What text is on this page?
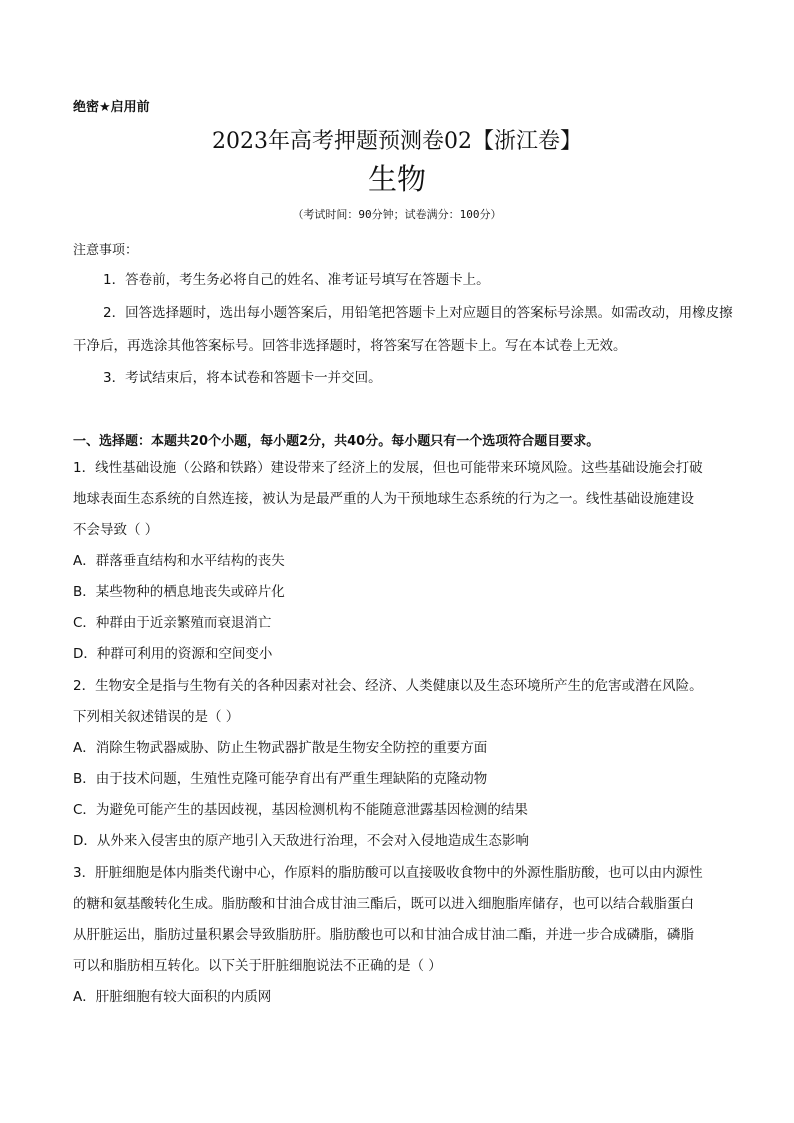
绝密★启用前
2023年高考押题预测卷02【浙江卷】
生物
（考试时间：90分钟；试卷满分：100分）
注意事项：
1．答卷前，考生务必将自己的姓名、准考证号填写在答题卡上。
2．回答选择题时，选出每小题答案后，用铅笔把答题卡上对应题目的答案标号涂黑。如需改动，用橡皮擦干净后，再选涂其他答案标号。回答非选择题时，将答案写在答题卡上。写在本试卷上无效。
3．考试结束后，将本试卷和答题卡一并交回。
一、选择题：本题共20个小题，每小题2分，共40分。每小题只有一个选项符合题目要求。
1．线性基础设施（公路和铁路）建设带来了经济上的发展，但也可能带来环境风险。这些基础设施会打破
地球表面生态系统的自然连接，被认为是最严重的人为干预地球生态系统的行为之一。线性基础设施建设
不会导致（ ）
A．群落垂直结构和水平结构的丧失
B．某些物种的栖息地丧失或碎片化
C．种群由于近亲繁殖而衰退消亡
D．种群可利用的资源和空间变小
2．生物安全是指与生物有关的各种因素对社会、经济、人类健康以及生态环境所产生的危害或潜在风险。
下列相关叙述错误的是（ ）
A．消除生物武器威胁、防止生物武器扩散是生物安全防控的重要方面
B．由于技术问题，生殖性克隆可能孕育出有严重生理缺陷的克隆动物
C．为避免可能产生的基因歧视，基因检测机构不能随意泄露基因检测的结果
D．从外来入侵害虫的原产地引入天敌进行治理，不会对入侵地造成生态影响
3．肝脏细胞是体内脂类代谢中心，作原料的脂肪酸可以直接吸收食物中的外源性脂肪酸，也可以由内源性
的糖和氨基酸转化生成。脂肪酸和甘油合成甘油三酯后，既可以进入细胞脂库储存，也可以结合载脂蛋白
从肝脏运出，脂肪过量积累会导致脂肪肝。脂肪酸也可以和甘油合成甘油二酯，并进一步合成磷脂，磷脂
可以和脂肪相互转化。以下关于肝脏细胞说法不正确的是（ ）
A．肝脏细胞有较大面积的内质网
